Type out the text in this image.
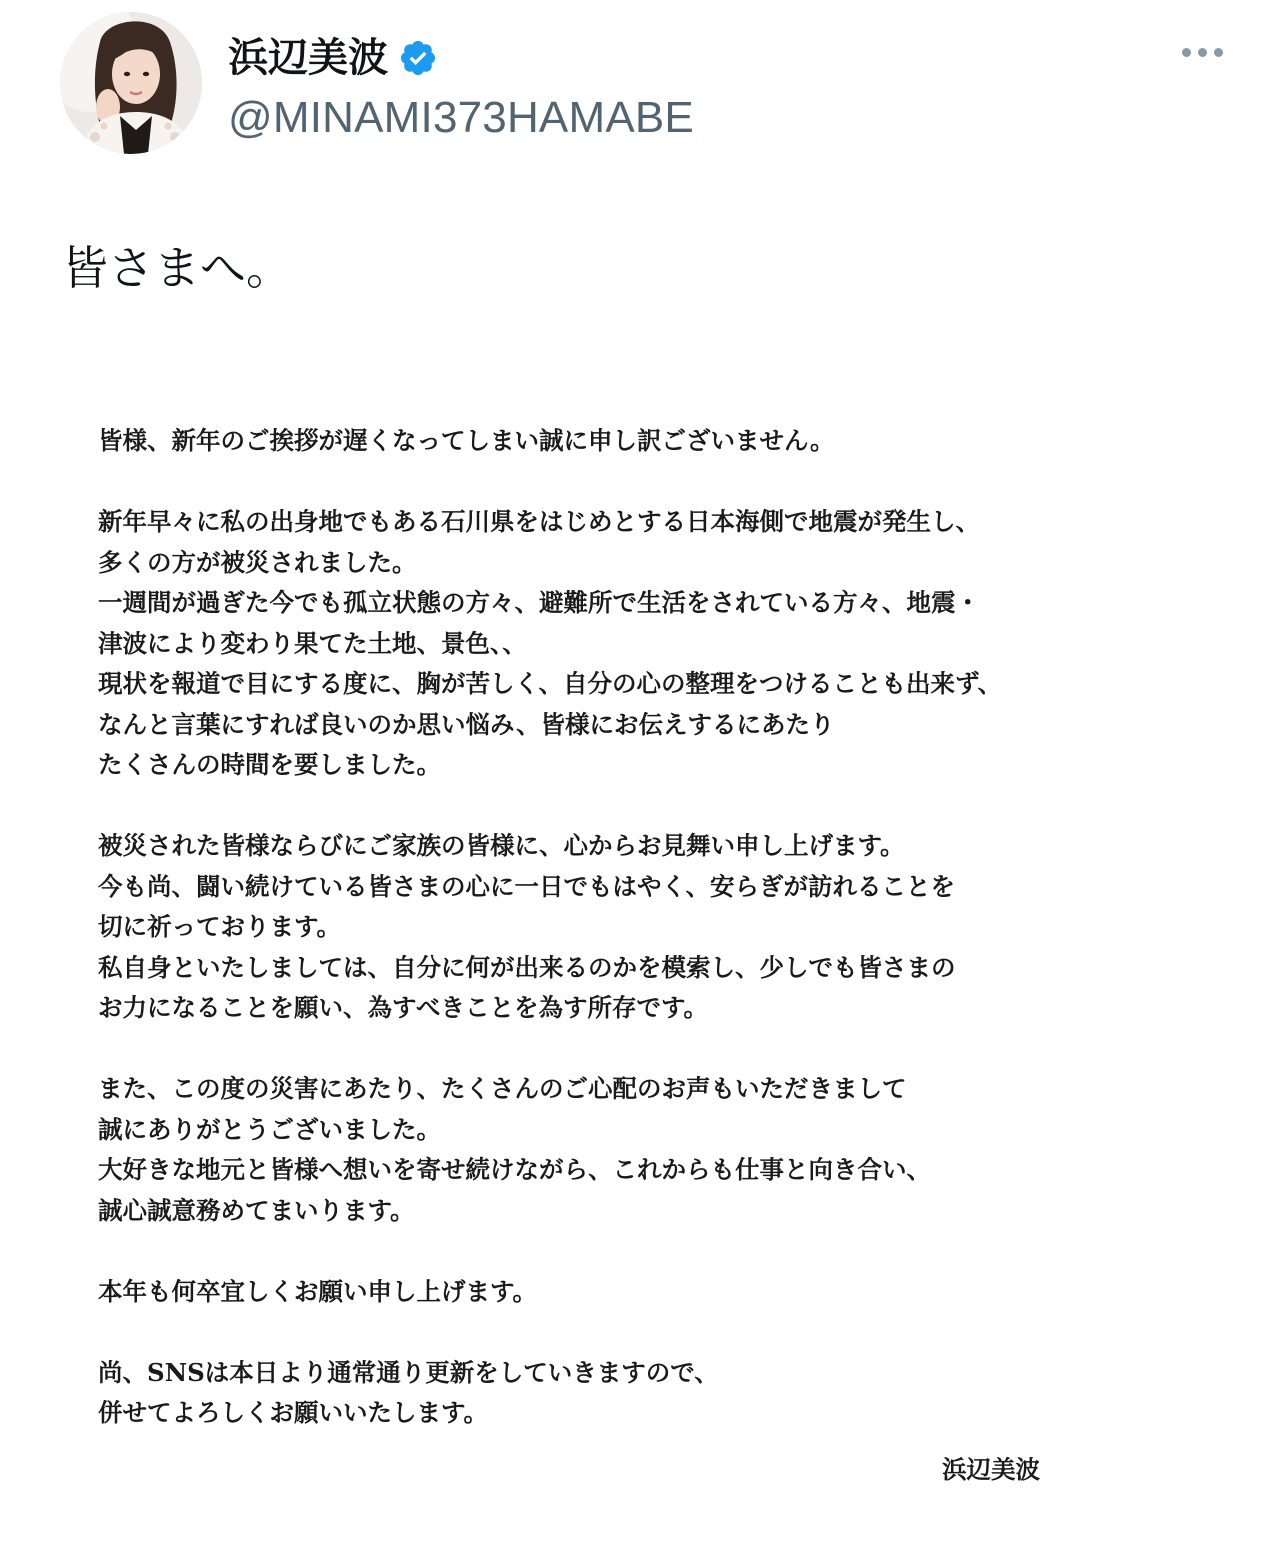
浜辺美波
@MINAMI373HAMABE
皆さまへ。
皆様、新年のご挨拶が遅くなってしまい誠に申し訳ございません。
新年早々に私の出身地でもある石川県をはじめとする日本海側で地震が発生し、
多くの方が被災されました。
一週間が過ぎた今でも孤立状態の方々、避難所で生活をされている方々、地震・
津波により変わり果てた土地、景色、、
現状を報道で目にする度に、胸が苦しく、自分の心の整理をつけることも出来ず、
なんと言葉にすれば良いのか思い悩み、皆様にお伝えするにあたり
たくさんの時間を要しました。
被災された皆様ならびにご家族の皆様に、心からお見舞い申し上げます。
今も尚、闘い続けている皆さまの心に一日でもはやく、安らぎが訪れることを
切に祈っております。
私自身といたしましては、自分に何が出来るのかを模索し、少しでも皆さまの
お力になることを願い、為すべきことを為す所存です。
また、この度の災害にあたり、たくさんのご心配のお声もいただきまして
誠にありがとうございました。
大好きな地元と皆様へ想いを寄せ続けながら、これからも仕事と向き合い、
誠心誠意務めてまいります。
本年も何卒宜しくお願い申し上げます。
尚、SNSは本日より通常通り更新をしていきますので、
併せてよろしくお願いいたします。
浜辺美波
